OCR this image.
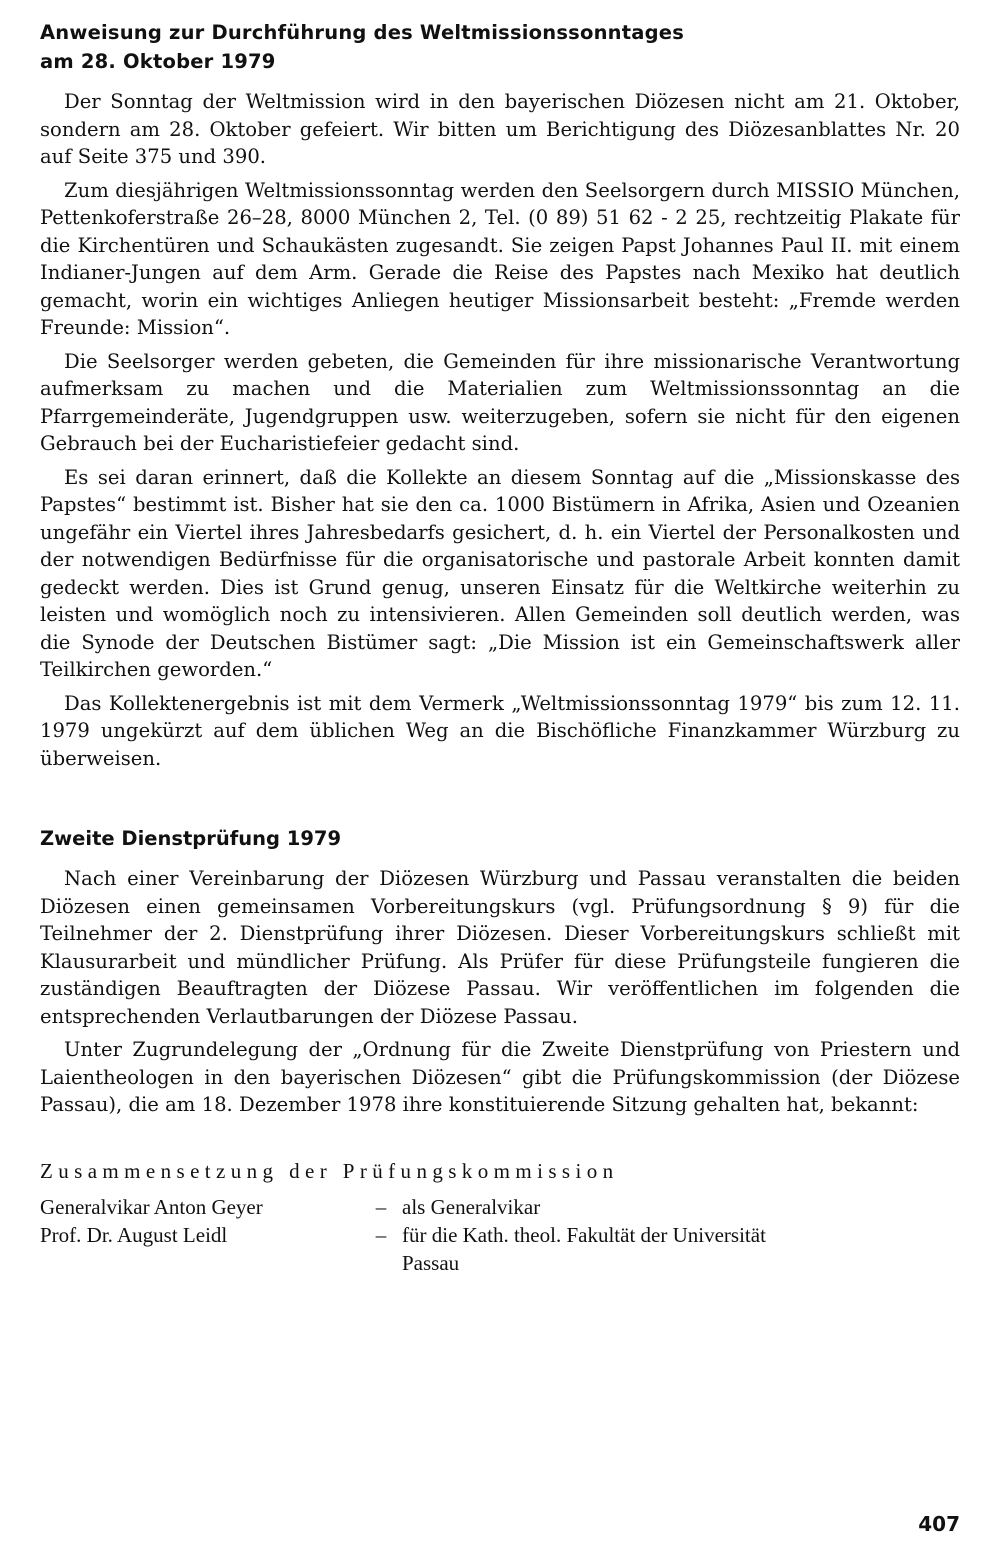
Anweisung zur Durchführung des Weltmissionssonntages
am 28. Oktober 1979

Der Sonntag der Weltmission wird in den bayerischen Diözesen nicht am 21. Oktober, sondern am 28. Oktober gefeiert. Wir bitten um Berichtigung des Diözesanblattes Nr. 20 auf Seite 375 und 390.

Zum diesjährigen Weltmissionssonntag werden den Seelsorgern durch MISSIO München, Pettenkoferstraße 26–28, 8000 München 2, Tel. (0 89) 51 62 - 2 25, rechtzeitig Plakate für die Kirchentüren und Schaukästen zugesandt. Sie zeigen Papst Johannes Paul II. mit einem Indianer-Jungen auf dem Arm. Gerade die Reise des Papstes nach Mexiko hat deutlich gemacht, worin ein wichtiges Anliegen heutiger Missionsarbeit besteht: „Fremde werden Freunde: Mission“.

Die Seelsorger werden gebeten, die Gemeinden für ihre missionarische Verantwortung aufmerksam zu machen und die Materialien zum Weltmissionssonntag an die Pfarrgemeinderäte, Jugendgruppen usw. weiterzugeben, sofern sie nicht für den eigenen Gebrauch bei der Eucharistiefeier gedacht sind.

Es sei daran erinnert, daß die Kollekte an diesem Sonntag auf die „Missionskasse des Papstes“ bestimmt ist. Bisher hat sie den ca. 1000 Bistümern in Afrika, Asien und Ozeanien ungefähr ein Viertel ihres Jahresbedarfs gesichert, d. h. ein Viertel der Personalkosten und der notwendigen Bedürfnisse für die organisatorische und pastorale Arbeit konnten damit gedeckt werden. Dies ist Grund genug, unseren Einsatz für die Weltkirche weiterhin zu leisten und womöglich noch zu intensivieren. Allen Gemeinden soll deutlich werden, was die Synode der Deutschen Bistümer sagt: „Die Mission ist ein Gemeinschaftswerk aller Teilkirchen geworden.“

Das Kollektenergebnis ist mit dem Vermerk „Weltmissionssonntag 1979“ bis zum 12. 11. 1979 ungekürzt auf dem üblichen Weg an die Bischöfliche Finanzkammer Würzburg zu überweisen.

Zweite Dienstprüfung 1979

Nach einer Vereinbarung der Diözesen Würzburg und Passau veranstalten die beiden Diözesen einen gemeinsamen Vorbereitungskurs (vgl. Prüfungsordnung § 9) für die Teilnehmer der 2. Dienstprüfung ihrer Diözesen. Dieser Vorbereitungskurs schließt mit Klausurarbeit und mündlicher Prüfung. Als Prüfer für diese Prüfungsteile fungieren die zuständigen Beauftragten der Diözese Passau. Wir veröffentlichen im folgenden die entsprechenden Verlautbarungen der Diözese Passau.

Unter Zugrundelegung der „Ordnung für die Zweite Dienstprüfung von Priestern und Laientheologen in den bayerischen Diözesen“ gibt die Prüfungskommission (der Diözese Passau), die am 18. Dezember 1978 ihre konstituierende Sitzung gehalten hat, bekannt:

Zusammensetzung der Prüfungskommission
Generalvikar Anton Geyer	–	als Generalvikar
Prof. Dr. August Leidl	–	für die Kath. theol. Fakultät der Universität Passau
407
